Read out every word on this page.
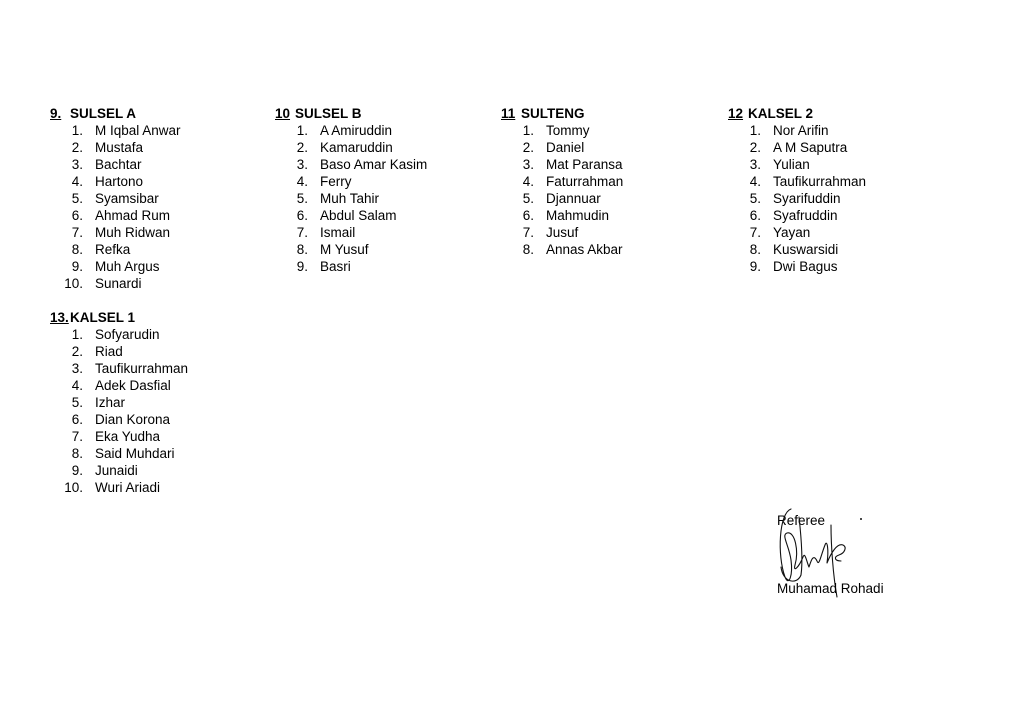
9. SULSEL A
1. M Iqbal Anwar
2. Mustafa
3. Bachtar
4. Hartono
5. Syamsibar
6. Ahmad Rum
7. Muh Ridwan
8. Refka
9. Muh Argus
10. Sunardi
10 SULSEL B
1. A Amiruddin
2. Kamaruddin
3. Baso Amar Kasim
4. Ferry
5. Muh Tahir
6. Abdul Salam
7. Ismail
8. M Yusuf
9. Basri
11 SULTENG
1. Tommy
2. Daniel
3. Mat Paransa
4. Faturrahman
5. Djannuar
6. Mahmudin
7. Jusuf
8. Annas Akbar
12 KALSEL 2
1. Nor Arifin
2. A M Saputra
3. Yulian
4. Taufikurrahman
5. Syarifuddin
6. Syafruddin
7. Yayan
8. Kuswarsidi
9. Dwi Bagus
13. KALSEL 1
1. Sofyarudin
2. Riad
3. Taufikurrahman
4. Adek Dasfial
5. Izhar
6. Dian Korona
7. Eka Yudha
8. Said Muhdari
9. Junaidi
10. Wuri Ariadi
Referee
Muhamad Rohadi
